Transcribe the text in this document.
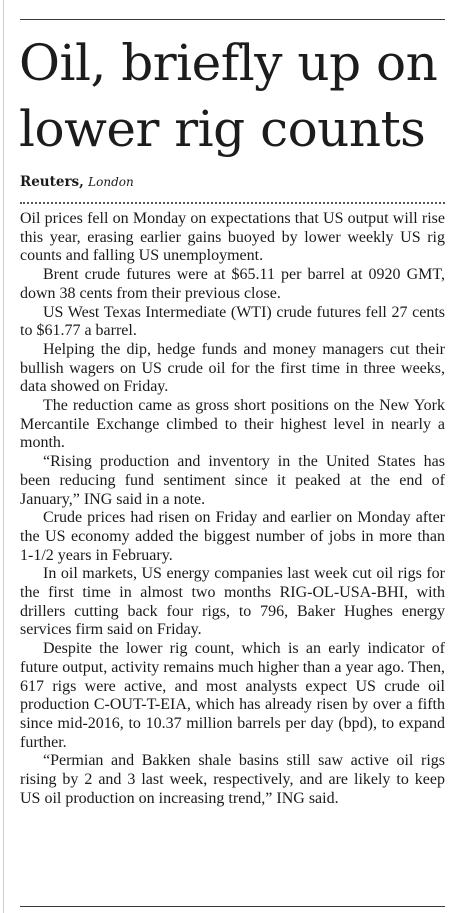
Oil, briefly up on lower rig counts
Reuters, London

Oil prices fell on Monday on expectations that US output will rise this year, erasing earlier gains buoyed by lower weekly US rig counts and falling US unemployment.

Brent crude futures were at $65.11 per barrel at 0920 GMT, down 38 cents from their previous close.

US West Texas Intermediate (WTI) crude futures fell 27 cents to $61.77 a barrel.

Helping the dip, hedge funds and money managers cut their bullish wagers on US crude oil for the first time in three weeks, data showed on Friday.

The reduction came as gross short positions on the New York Mercantile Exchange climbed to their highest level in nearly a month.

“Rising production and inventory in the United States has been reducing fund sentiment since it peaked at the end of January,” ING said in a note.

Crude prices had risen on Friday and earlier on Monday after the US economy added the biggest number of jobs in more than 1-1/2 years in February.

In oil markets, US energy companies last week cut oil rigs for the first time in almost two months RIG-OL-USA-BHI, with drillers cutting back four rigs, to 796, Baker Hughes energy services firm said on Friday.

Despite the lower rig count, which is an early indicator of future output, activity remains much higher than a year ago. Then, 617 rigs were active, and most analysts expect US crude oil production C-OUT-T-EIA, which has already risen by over a fifth since mid-2016, to 10.37 million barrels per day (bpd), to expand further.

“Permian and Bakken shale basins still saw active oil rigs rising by 2 and 3 last week, respectively, and are likely to keep US oil production on increasing trend,” ING said.
